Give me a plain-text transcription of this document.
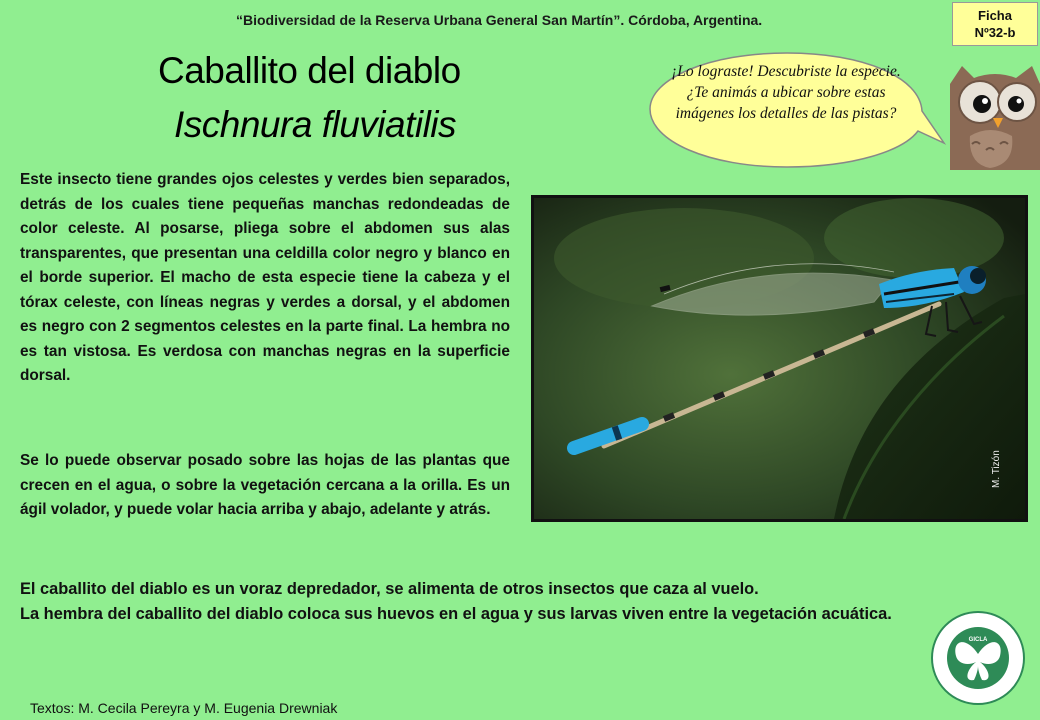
“Biodiversidad de la Reserva Urbana General San Martín”. Córdoba, Argentina.	Ficha
Nº32-b
Caballito del diablo
Ischnura fluviatilis
¡Lo lograste! Descubriste la especie. ¿Te animás a ubicar sobre estas imágenes los detalles de las pistas?
Este insecto tiene grandes ojos celestes y verdes bien separados, detrás de los cuales tiene pequeñas manchas redondeadas de color celeste. Al posarse, pliega sobre el abdomen sus alas transparentes, que presentan una celdilla color negro y blanco en el borde superior. El macho de esta especie tiene la cabeza y el tórax celeste, con líneas negras y verdes a dorsal, y el abdomen es negro con 2 segmentos celestes en la parte final. La hembra no es tan vistosa. Es verdosa con manchas negras en la superficie dorsal.
Se lo puede observar posado sobre las hojas de las plantas que crecen en el agua, o sobre la vegetación cercana a la orilla. Es un ágil volador, y puede volar hacia arriba y abajo, adelante y atrás.
M. Tizón
El caballito del diablo es un voraz depredador, se alimenta de otros insectos que caza al vuelo.
La hembra del caballito del diablo coloca sus huevos en el agua y sus larvas viven entre la vegetación acuática.
Textos: M. Cecila Pereyra y M. Eugenia Drewniak
GICLA
